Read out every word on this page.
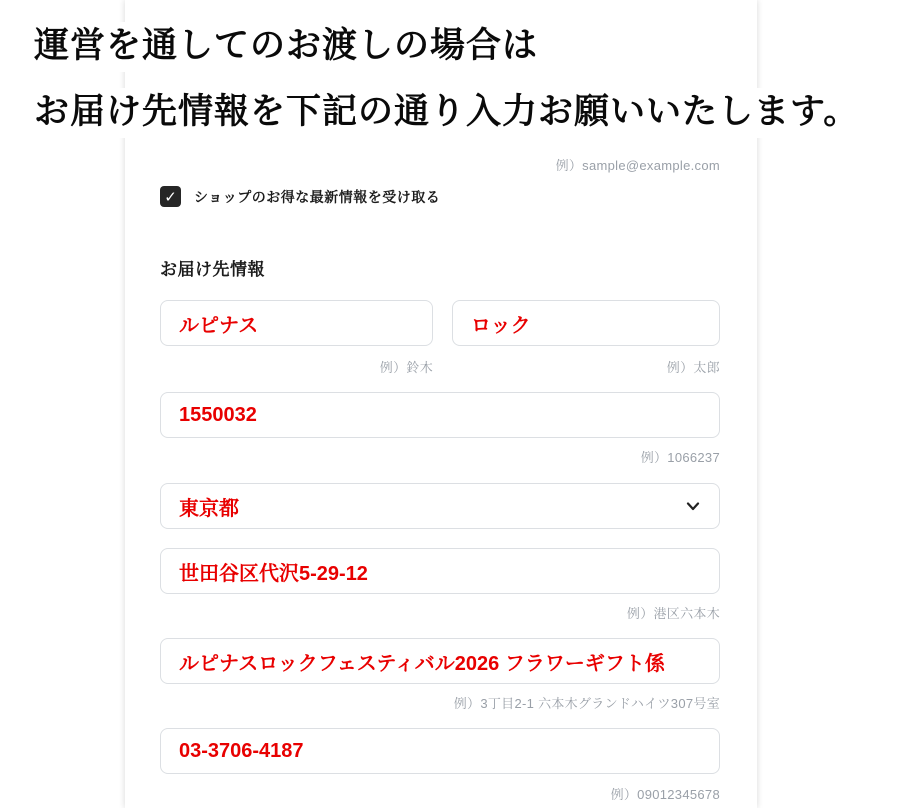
運営を通してのお渡しの場合は
お届け先情報を下記の通り入力お願いいたします。
例）sample@example.com
✓ ショップのお得な最新情報を受け取る
お届け先情報
ルピナス
ロック
例）鈴木	例）太郎
1550032
例）1066237
東京都
世田谷区代沢5-29-12
例）港区六本木
ルピナスロックフェスティバル2026 フラワーギフト係
例）3丁目2-1 六本木グランドハイツ307号室
03-3706-4187
例）09012345678
